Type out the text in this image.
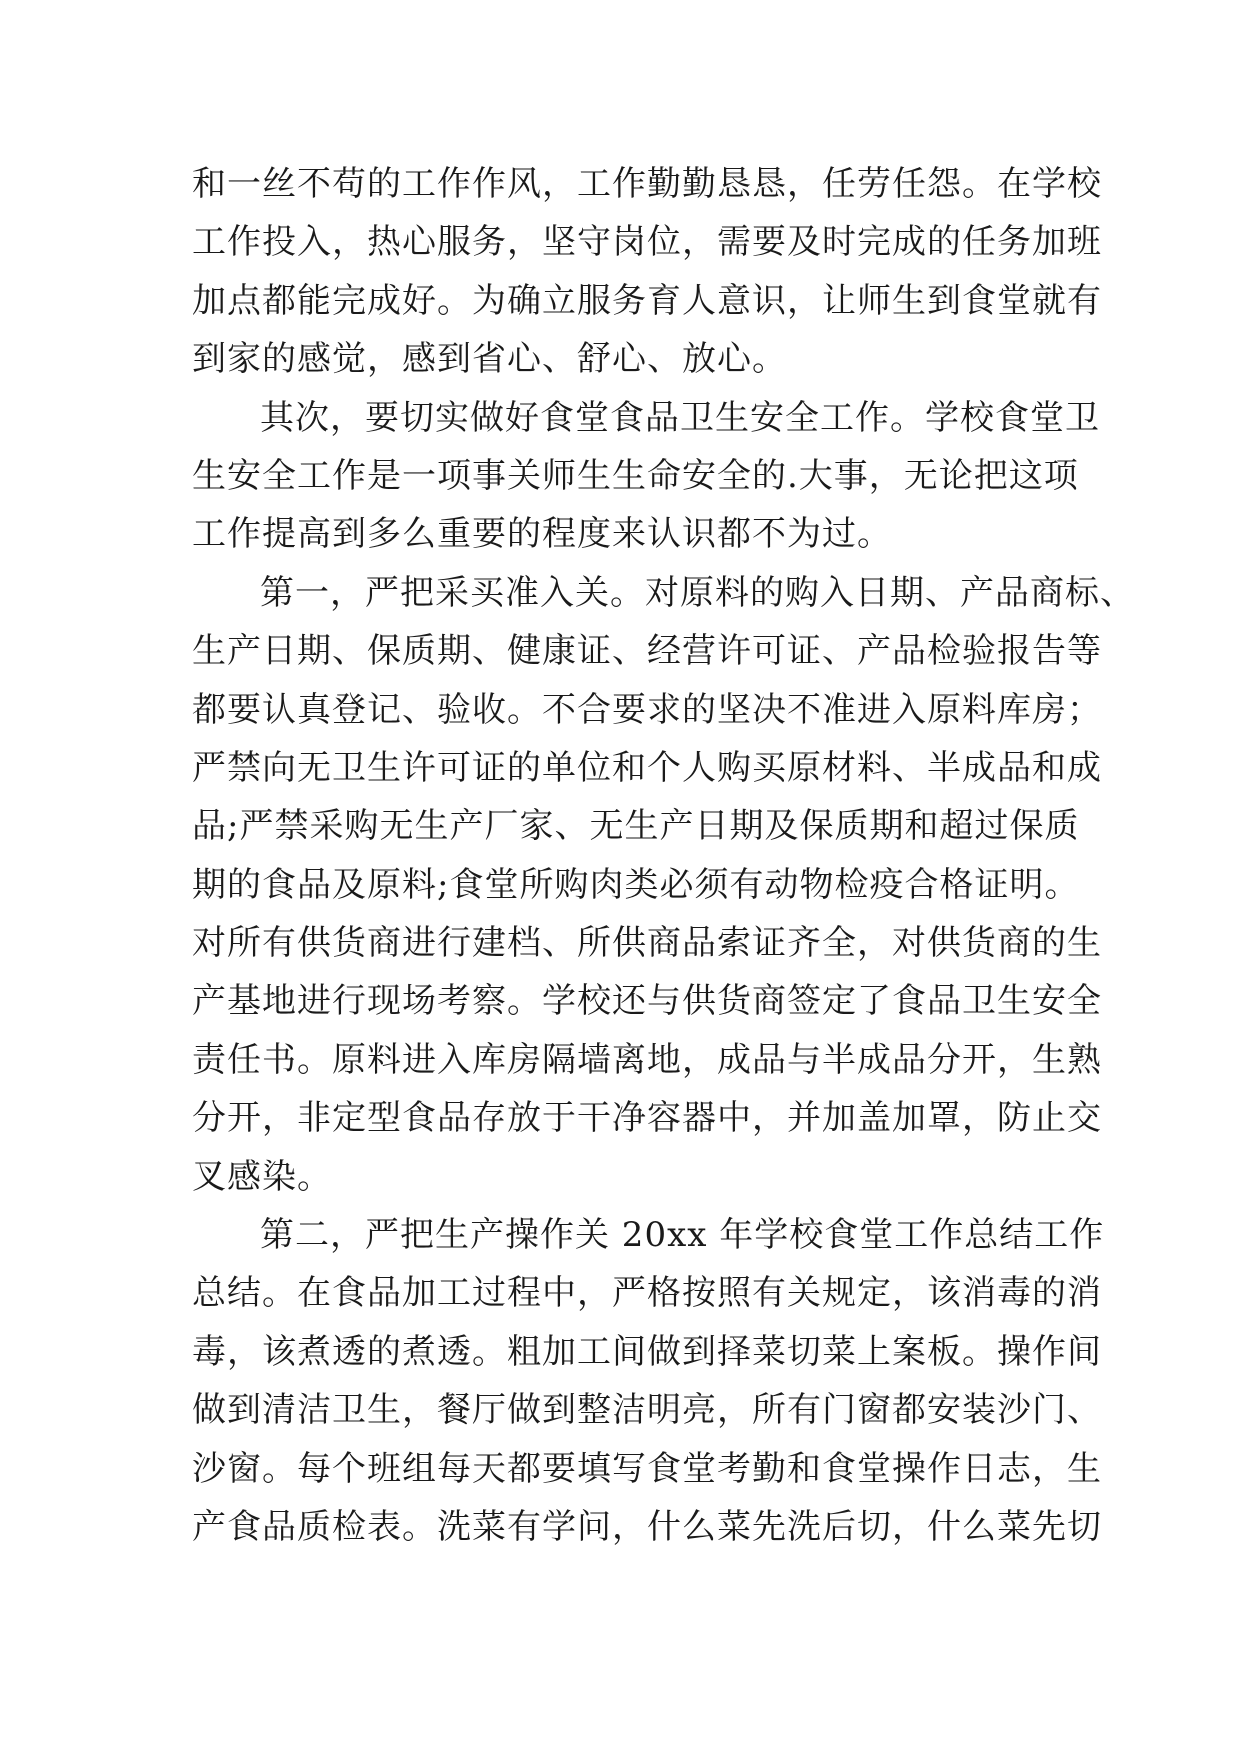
和一丝不苟的工作作风，工作勤勤恳恳，任劳任怨。在学校
工作投入，热心服务，坚守岗位，需要及时完成的任务加班
加点都能完成好。为确立服务育人意识，让师生到食堂就有
到家的感觉，感到省心、舒心、放心。
其次，要切实做好食堂食品卫生安全工作。学校食堂卫
生安全工作是一项事关师生生命安全的.大事，无论把这项
工作提高到多么重要的程度来认识都不为过。
第一，严把采买准入关。对原料的购入日期、产品商标、
生产日期、保质期、健康证、经营许可证、产品检验报告等
都要认真登记、验收。不合要求的坚决不准进入原料库房；
严禁向无卫生许可证的单位和个人购买原材料、半成品和成
品;严禁采购无生产厂家、无生产日期及保质期和超过保质
期的食品及原料;食堂所购肉类必须有动物检疫合格证明。
对所有供货商进行建档、所供商品索证齐全，对供货商的生
产基地进行现场考察。学校还与供货商签定了食品卫生安全
责任书。原料进入库房隔墙离地，成品与半成品分开，生熟
分开，非定型食品存放于干净容器中，并加盖加罩，防止交
叉感染。
第二，严把生产操作关 20xx 年学校食堂工作总结工作
总结。在食品加工过程中，严格按照有关规定，该消毒的消
毒，该煮透的煮透。粗加工间做到择菜切菜上案板。操作间
做到清洁卫生，餐厅做到整洁明亮，所有门窗都安装沙门、
沙窗。每个班组每天都要填写食堂考勤和食堂操作日志，生
产食品质检表。洗菜有学问，什么菜先洗后切，什么菜先切
